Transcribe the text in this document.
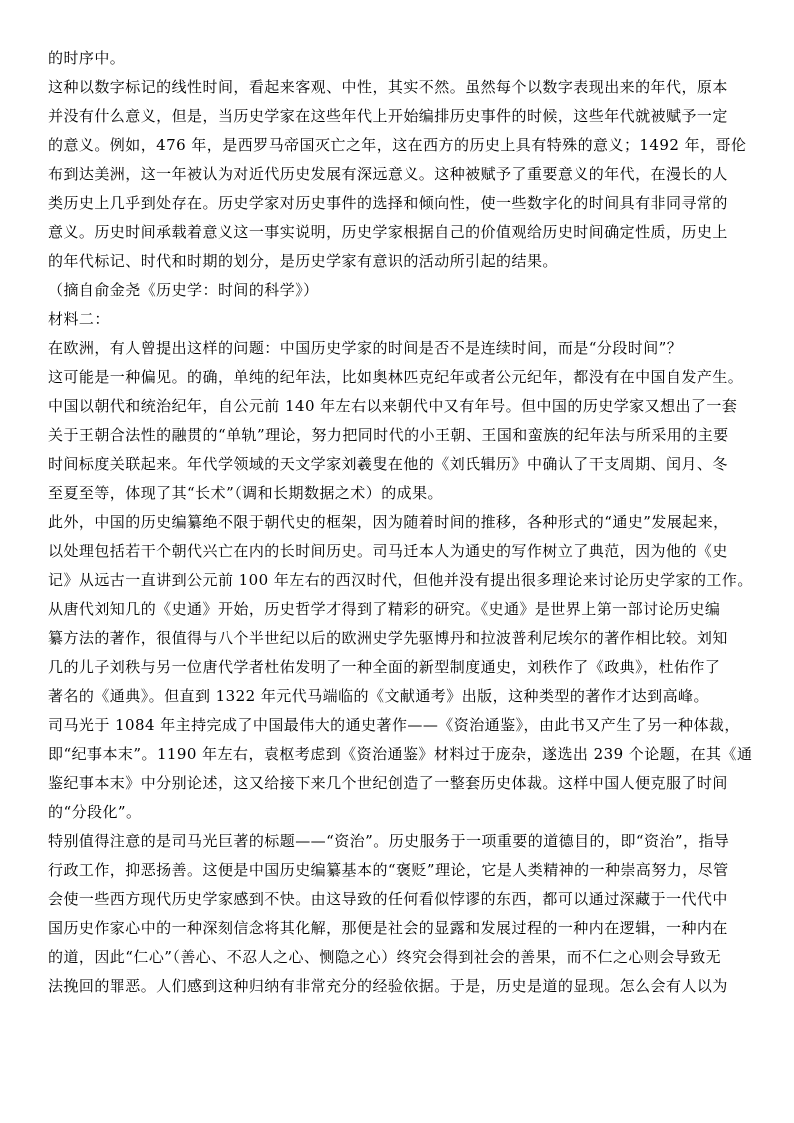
的时序中。
这种以数字标记的线性时间，看起来客观、中性，其实不然。虽然每个以数字表现出来的年代，原本
并没有什么意义，但是，当历史学家在这些年代上开始编排历史事件的时候，这些年代就被赋予一定
的意义。例如，476 年，是西罗马帝国灭亡之年，这在西方的历史上具有特殊的意义；1492 年，哥伦
布到达美洲，这一年被认为对近代历史发展有深远意义。这种被赋予了重要意义的年代，在漫长的人
类历史上几乎到处存在。历史学家对历史事件的选择和倾向性，使一些数字化的时间具有非同寻常的
意义。历史时间承载着意义这一事实说明，历史学家根据自己的价值观给历史时间确定性质，历史上
的年代标记、时代和时期的划分，是历史学家有意识的活动所引起的结果。
（摘自俞金尧《历史学：时间的科学》）
材料二：
在欧洲，有人曾提出这样的问题：中国历史学家的时间是否不是连续时间，而是“分段时间”？
这可能是一种偏见。的确，单纯的纪年法，比如奥林匹克纪年或者公元纪年，都没有在中国自发产生。
中国以朝代和统治纪年，自公元前 140 年左右以来朝代中又有年号。但中国的历史学家又想出了一套
关于王朝合法性的融贯的“单轨”理论，努力把同时代的小王朝、王国和蛮族的纪年法与所采用的主要
时间标度关联起来。年代学领域的天文学家刘羲叟在他的《刘氏辑历》中确认了干支周期、闰月、冬
至夏至等，体现了其“长术”（调和长期数据之术）的成果。
此外，中国的历史编纂绝不限于朝代史的框架，因为随着时间的推移，各种形式的“通史”发展起来，
以处理包括若干个朝代兴亡在内的长时间历史。司马迁本人为通史的写作树立了典范，因为他的《史
记》从远古一直讲到公元前 100 年左右的西汉时代，但他并没有提出很多理论来讨论历史学家的工作。
从唐代刘知几的《史通》开始，历史哲学才得到了精彩的研究。《史通》是世界上第一部讨论历史编
纂方法的著作，很值得与八个半世纪以后的欧洲史学先驱博丹和拉波普利尼埃尔的著作相比较。刘知
几的儿子刘秩与另一位唐代学者杜佑发明了一种全面的新型制度通史，刘秩作了《政典》，杜佑作了
著名的《通典》。但直到 1322 年元代马端临的《文献通考》出版，这种类型的著作才达到高峰。
司马光于 1084 年主持完成了中国最伟大的通史著作——《资治通鉴》，由此书又产生了另一种体裁，
即“纪事本末”。1190 年左右，袁枢考虑到《资治通鉴》材料过于庞杂，遂选出 239 个论题，在其《通
鉴纪事本末》中分别论述，这又给接下来几个世纪创造了一整套历史体裁。这样中国人便克服了时间
的“分段化”。
特别值得注意的是司马光巨著的标题——“资治”。历史服务于一项重要的道德目的，即“资治”，指导
行政工作，抑恶扬善。这便是中国历史编纂基本的“褒贬”理论，它是人类精神的一种崇高努力，尽管
会使一些西方现代历史学家感到不快。由这导致的任何看似悖谬的东西，都可以通过深藏于一代代中
国历史作家心中的一种深刻信念将其化解，那便是社会的显露和发展过程的一种内在逻辑，一种内在
的道，因此“仁心”（善心、不忍人之心、恻隐之心）终究会得到社会的善果，而不仁之心则会导致无
法挽回的罪恶。人们感到这种归纳有非常充分的经验依据。于是，历史是道的显现。怎么会有人以为
